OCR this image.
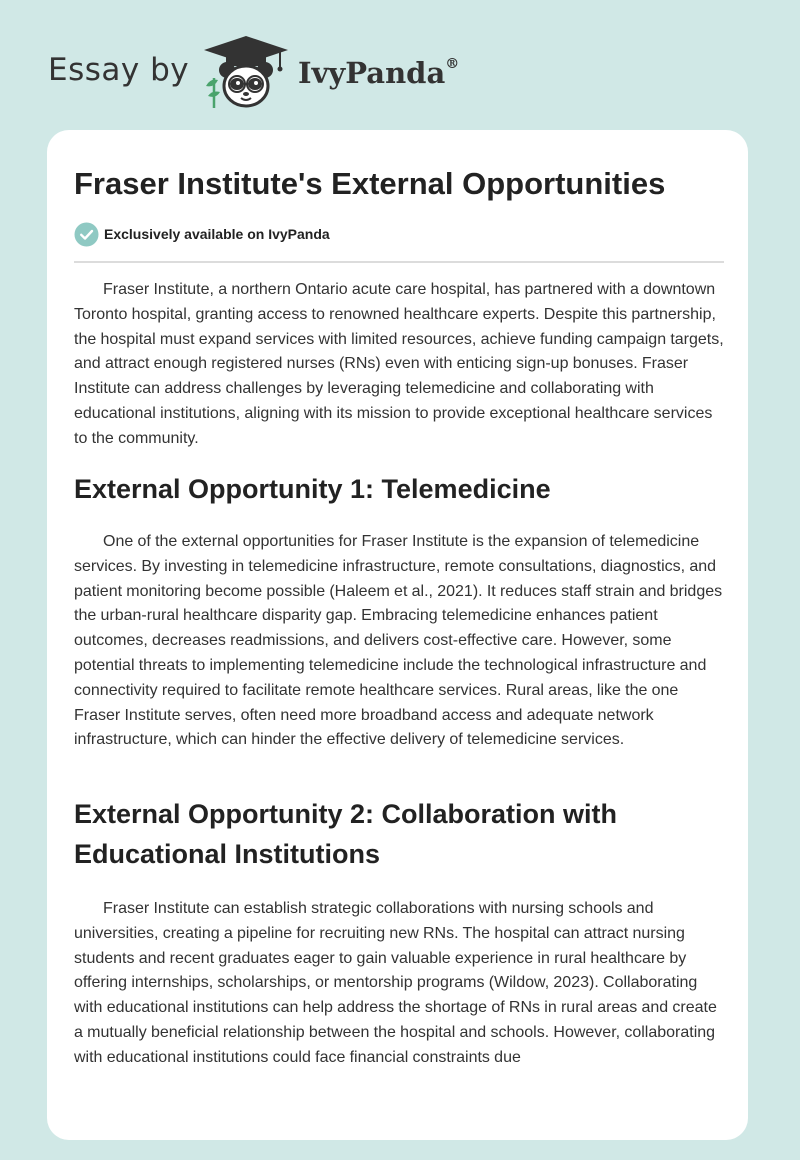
Essay by	IvyPanda®
Fraser Institute's External Opportunities
Exclusively available on IvyPanda

Fraser Institute, a northern Ontario acute care hospital, has partnered with a downtown Toronto hospital, granting access to renowned healthcare experts. Despite this partnership, the hospital must expand services with limited resources, achieve funding campaign targets, and attract enough registered nurses (RNs) even with enticing sign-up bonuses. Fraser Institute can address challenges by leveraging telemedicine and collaborating with educational institutions, aligning with its mission to provide exceptional healthcare services to the community.

External Opportunity 1: Telemedicine

One of the external opportunities for Fraser Institute is the expansion of telemedicine services. By investing in telemedicine infrastructure, remote consultations, diagnostics, and patient monitoring become possible (Haleem et al., 2021). It reduces staff strain and bridges the urban-rural healthcare disparity gap. Embracing telemedicine enhances patient outcomes, decreases readmissions, and delivers cost-effective care. However, some potential threats to implementing telemedicine include the technological infrastructure and connectivity required to facilitate remote healthcare services. Rural areas, like the one Fraser Institute serves, often need more broadband access and adequate network infrastructure, which can hinder the effective delivery of telemedicine services.

External Opportunity 2: Collaboration with Educational Institutions

Fraser Institute can establish strategic collaborations with nursing schools and universities, creating a pipeline for recruiting new RNs. The hospital can attract nursing students and recent graduates eager to gain valuable experience in rural healthcare by offering internships, scholarships, or mentorship programs (Wildow, 2023). Collaborating with educational institutions can help address the shortage of RNs in rural areas and create a mutually beneficial relationship between the hospital and schools. However, collaborating with educational institutions could face financial constraints due
